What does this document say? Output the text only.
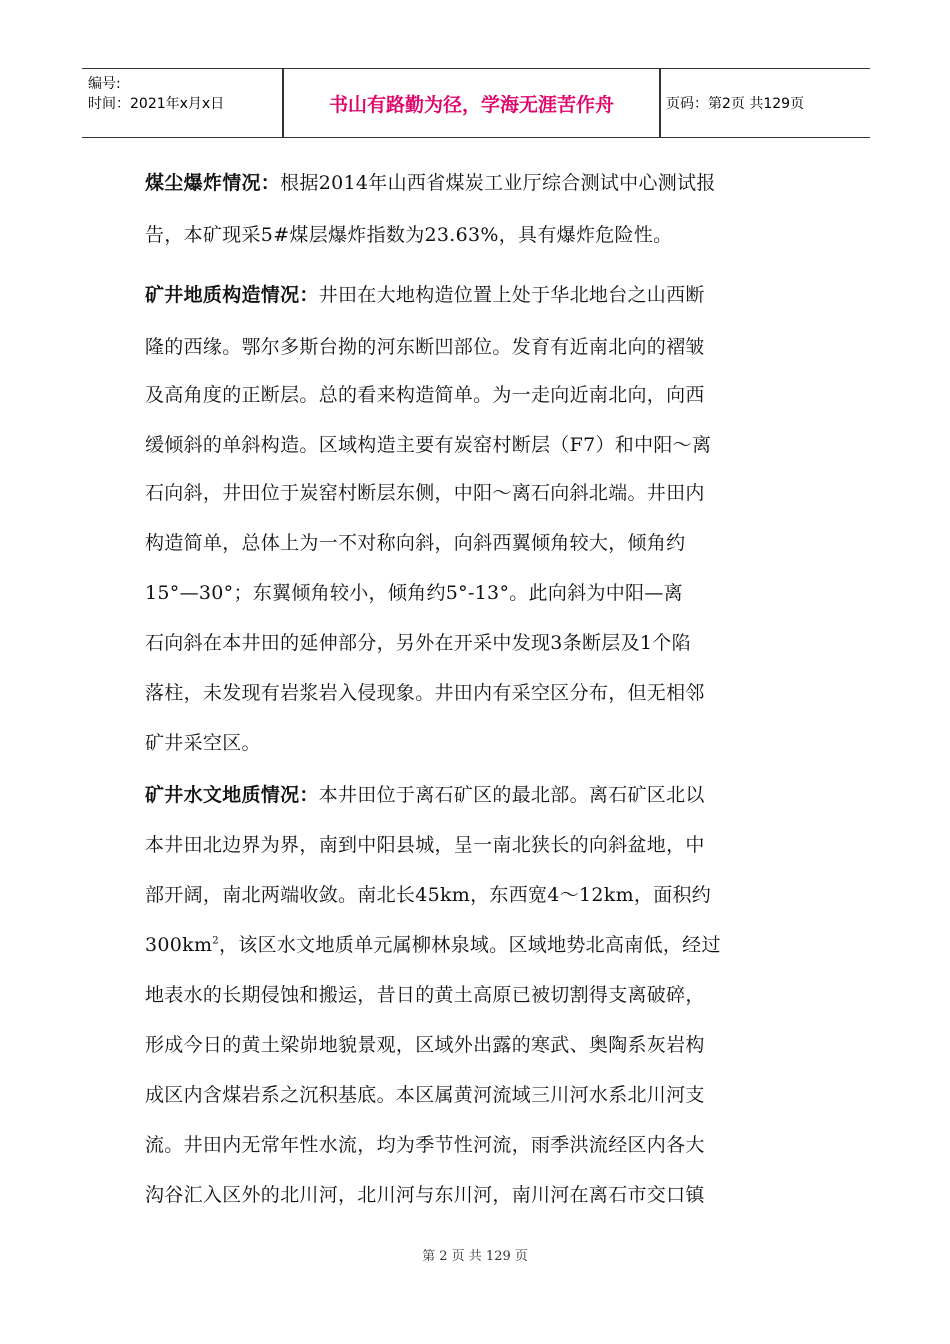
编号:
时间：2021年x月x日	书山有路勤为径，学海无涯苦作舟	页码：第2页 共129页
煤尘爆炸情况：根据2014年山西省煤炭工业厅综合测试中心测试报
告，本矿现采5#煤层爆炸指数为23.63%，具有爆炸危险性。
矿井地质构造情况：井田在大地构造位置上处于华北地台之山西断
隆的西缘。鄂尔多斯台拗的河东断凹部位。发育有近南北向的褶皱
及高角度的正断层。总的看来构造简单。为一走向近南北向，向西
缓倾斜的单斜构造。区域构造主要有炭窑村断层（F7）和中阳～离
石向斜，井田位于炭窑村断层东侧，中阳～离石向斜北端。井田内
构造简单，总体上为一不对称向斜，向斜西翼倾角较大，倾角约
15°—30°；东翼倾角较小，倾角约5°-13°。此向斜为中阳—离
石向斜在本井田的延伸部分，另外在开采中发现3条断层及1个陷
落柱，未发现有岩浆岩入侵现象。井田内有采空区分布，但无相邻
矿井采空区。
矿井水文地质情况：本井田位于离石矿区的最北部。离石矿区北以
本井田北边界为界，南到中阳县城，呈一南北狭长的向斜盆地，中
部开阔，南北两端收敛。南北长45km，东西宽4～12km，面积约
$300km^2$，该区水文地质单元属柳林泉域。区域地势北高南低，经过
地表水的长期侵蚀和搬运，昔日的黄土高原已被切割得支离破碎，
形成今日的黄土梁峁地貌景观，区域外出露的寒武、奥陶系灰岩构
成区内含煤岩系之沉积基底。本区属黄河流域三川河水系北川河支
流。井田内无常年性水流，均为季节性河流，雨季洪流经区内各大
沟谷汇入区外的北川河，北川河与东川河，南川河在离石市交口镇
第 2 页 共 129 页
